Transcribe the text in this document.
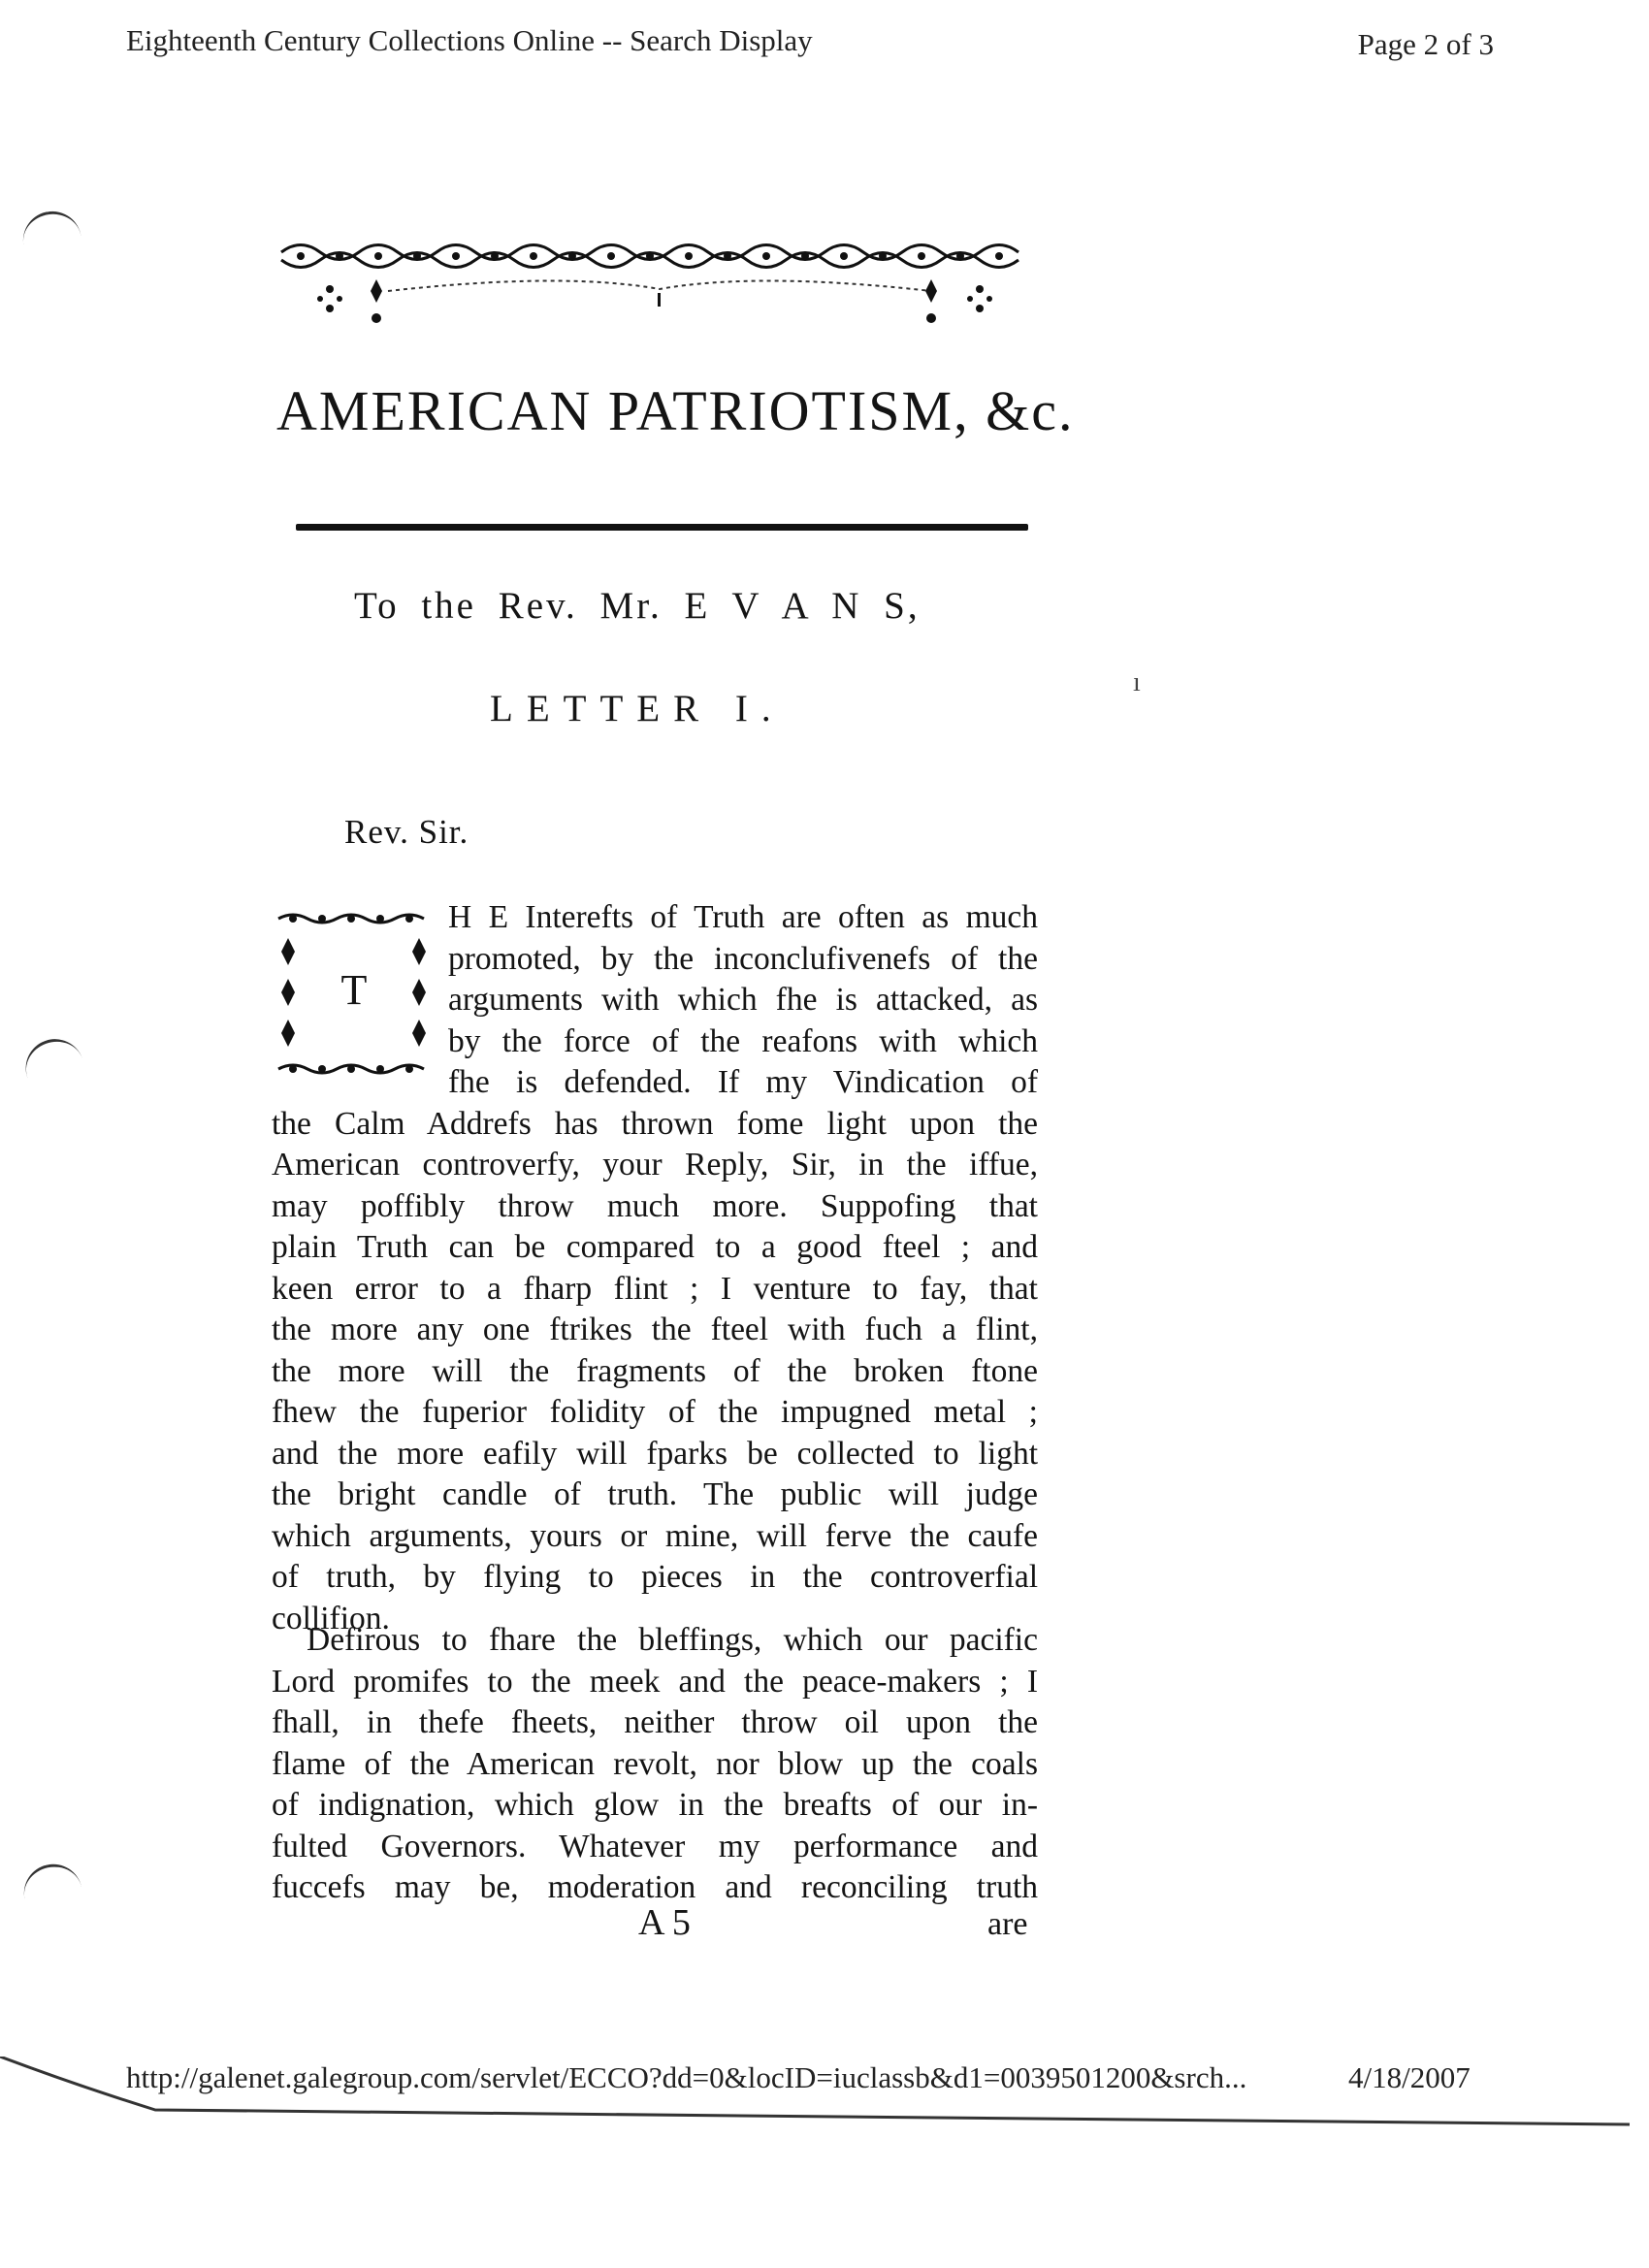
Eighteenth Century Collections Online -- Search Display	Page 2 of 3
AMERICAN PATRIOTISM, &c.
To the Rev. Mr. E V A N S,
LETTER I.
ı
Rev. Sir.
T
H E Interefts of Truth are often as much
promoted, by the inconclufivenefs of the
arguments with which fhe is attacked, as
by the force of the reafons with which
fhe is defended. If my Vindication of
the Calm Addrefs has thrown fome light upon the
American controverfy, your Reply, Sir, in the iffue,
may poffibly throw much more. Suppofing that
plain Truth can be compared to a good fteel ; and
keen error to a fharp flint ; I venture to fay, that
the more any one ftrikes the fteel with fuch a flint,
the more will the fragments of the broken ftone
fhew the fuperior folidity of the impugned metal ;
and the more eafily will fparks be collected to light
the bright candle of truth. The public will judge
which arguments, yours or mine, will ferve the caufe
of truth, by flying to pieces in the controverfial
collifion.
Defirous to fhare the bleffings, which our pacific
Lord promifes to the meek and the peace-makers ; I
fhall, in thefe fheets, neither throw oil upon the
flame of the American revolt, nor blow up the coals
of indignation, which glow in the breafts of our in-
fulted Governors. Whatever my performance and
fuccefs may be, moderation and reconciling truth
A 5	are
http://galenet.galegroup.com/servlet/ECCO?dd=0&locID=iuclassb&d1=0039501200&srch...	4/18/2007
